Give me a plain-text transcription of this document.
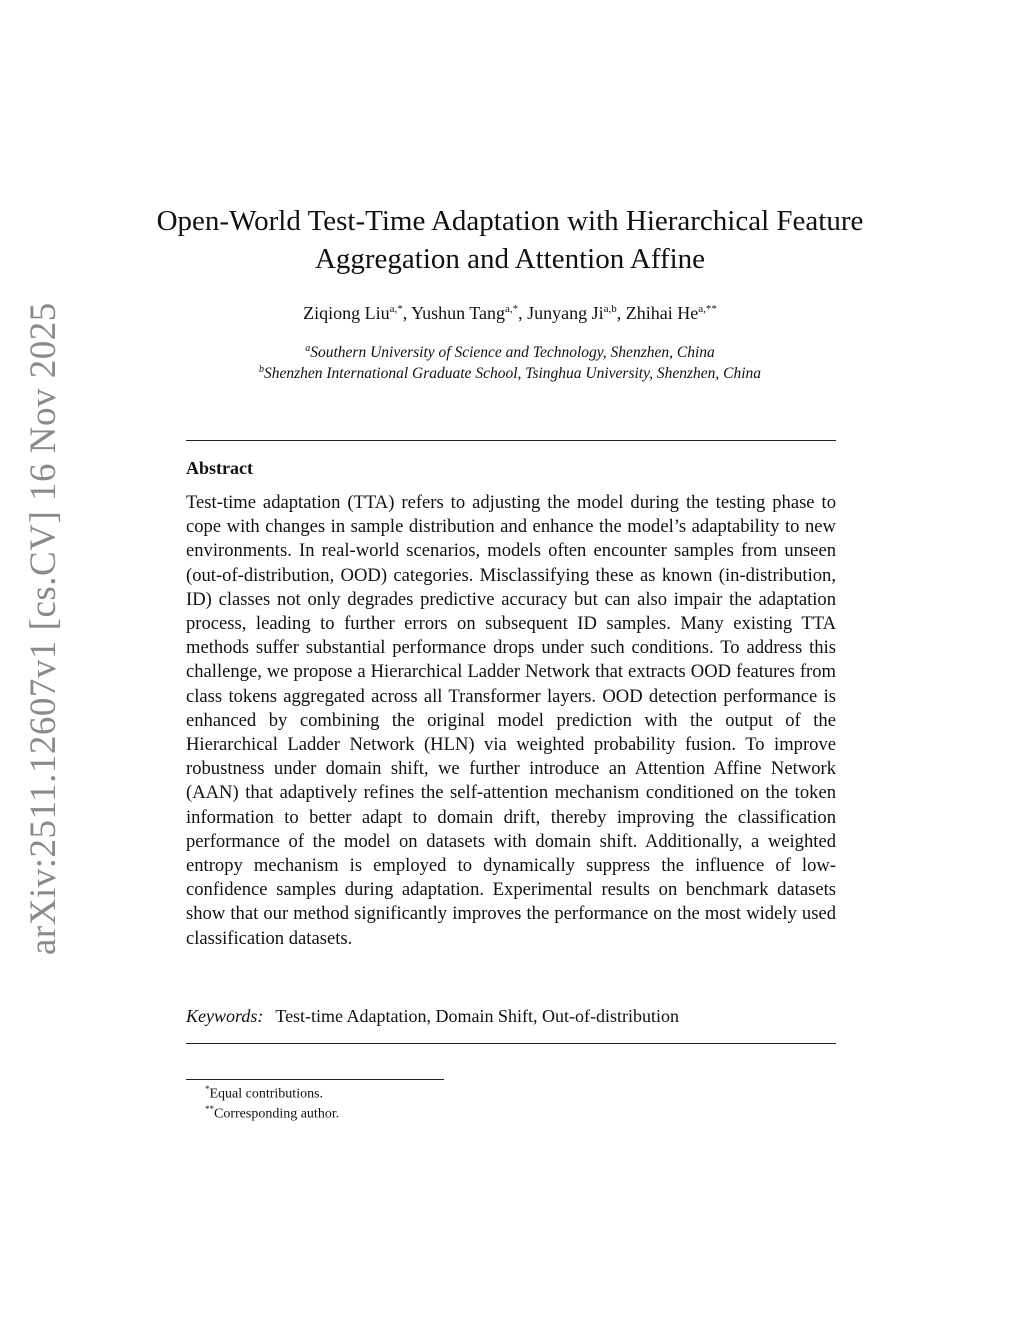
arXiv:2511.12607v1 [cs.CV] 16 Nov 2025
Open-World Test-Time Adaptation with Hierarchical Feature Aggregation and Attention Affine
Ziqiong Liu$^{a,*}$, Yushun Tang$^{a,*}$, Junyang Ji$^{a,b}$, Zhihai $He^{a,**}$
$^a$Southern University of Science and Technology, Shenzhen, China
$^b$Shenzhen International Graduate School, Tsinghua University, Shenzhen, China
Abstract
Test-time adaptation (TTA) refers to adjusting the model during the testing phase to cope with changes in sample distribution and enhance the model’s adaptability to new environments. In real-world scenarios, models often encounter samples from unseen (out-of-distribution, OOD) categories. Misclassifying these as known (in-distribution, ID) classes not only degrades predictive accuracy but can also impair the adaptation process, leading to further errors on subsequent ID samples. Many existing TTA methods suffer substantial performance drops under such conditions. To address this challenge, we propose a Hierarchical Ladder Network that extracts OOD features from class tokens aggregated across all Transformer layers. OOD detection performance is enhanced by combining the original model prediction with the output of the Hierarchical Ladder Network (HLN) via weighted probability fusion. To improve robustness under domain shift, we further introduce an Attention Affine Network (AAN) that adaptively refines the self-attention mechanism conditioned on the token information to better adapt to domain drift, thereby improving the classification performance of the model on datasets with domain shift. Additionally, a weighted entropy mechanism is employed to dynamically suppress the influence of low-confidence samples during adaptation. Experimental results on benchmark datasets show that our method significantly improves the performance on the most widely used classification datasets.
Keywords: Test-time Adaptation, Domain Shift, Out-of-distribution
*Equal contributions.
**Corresponding author.
